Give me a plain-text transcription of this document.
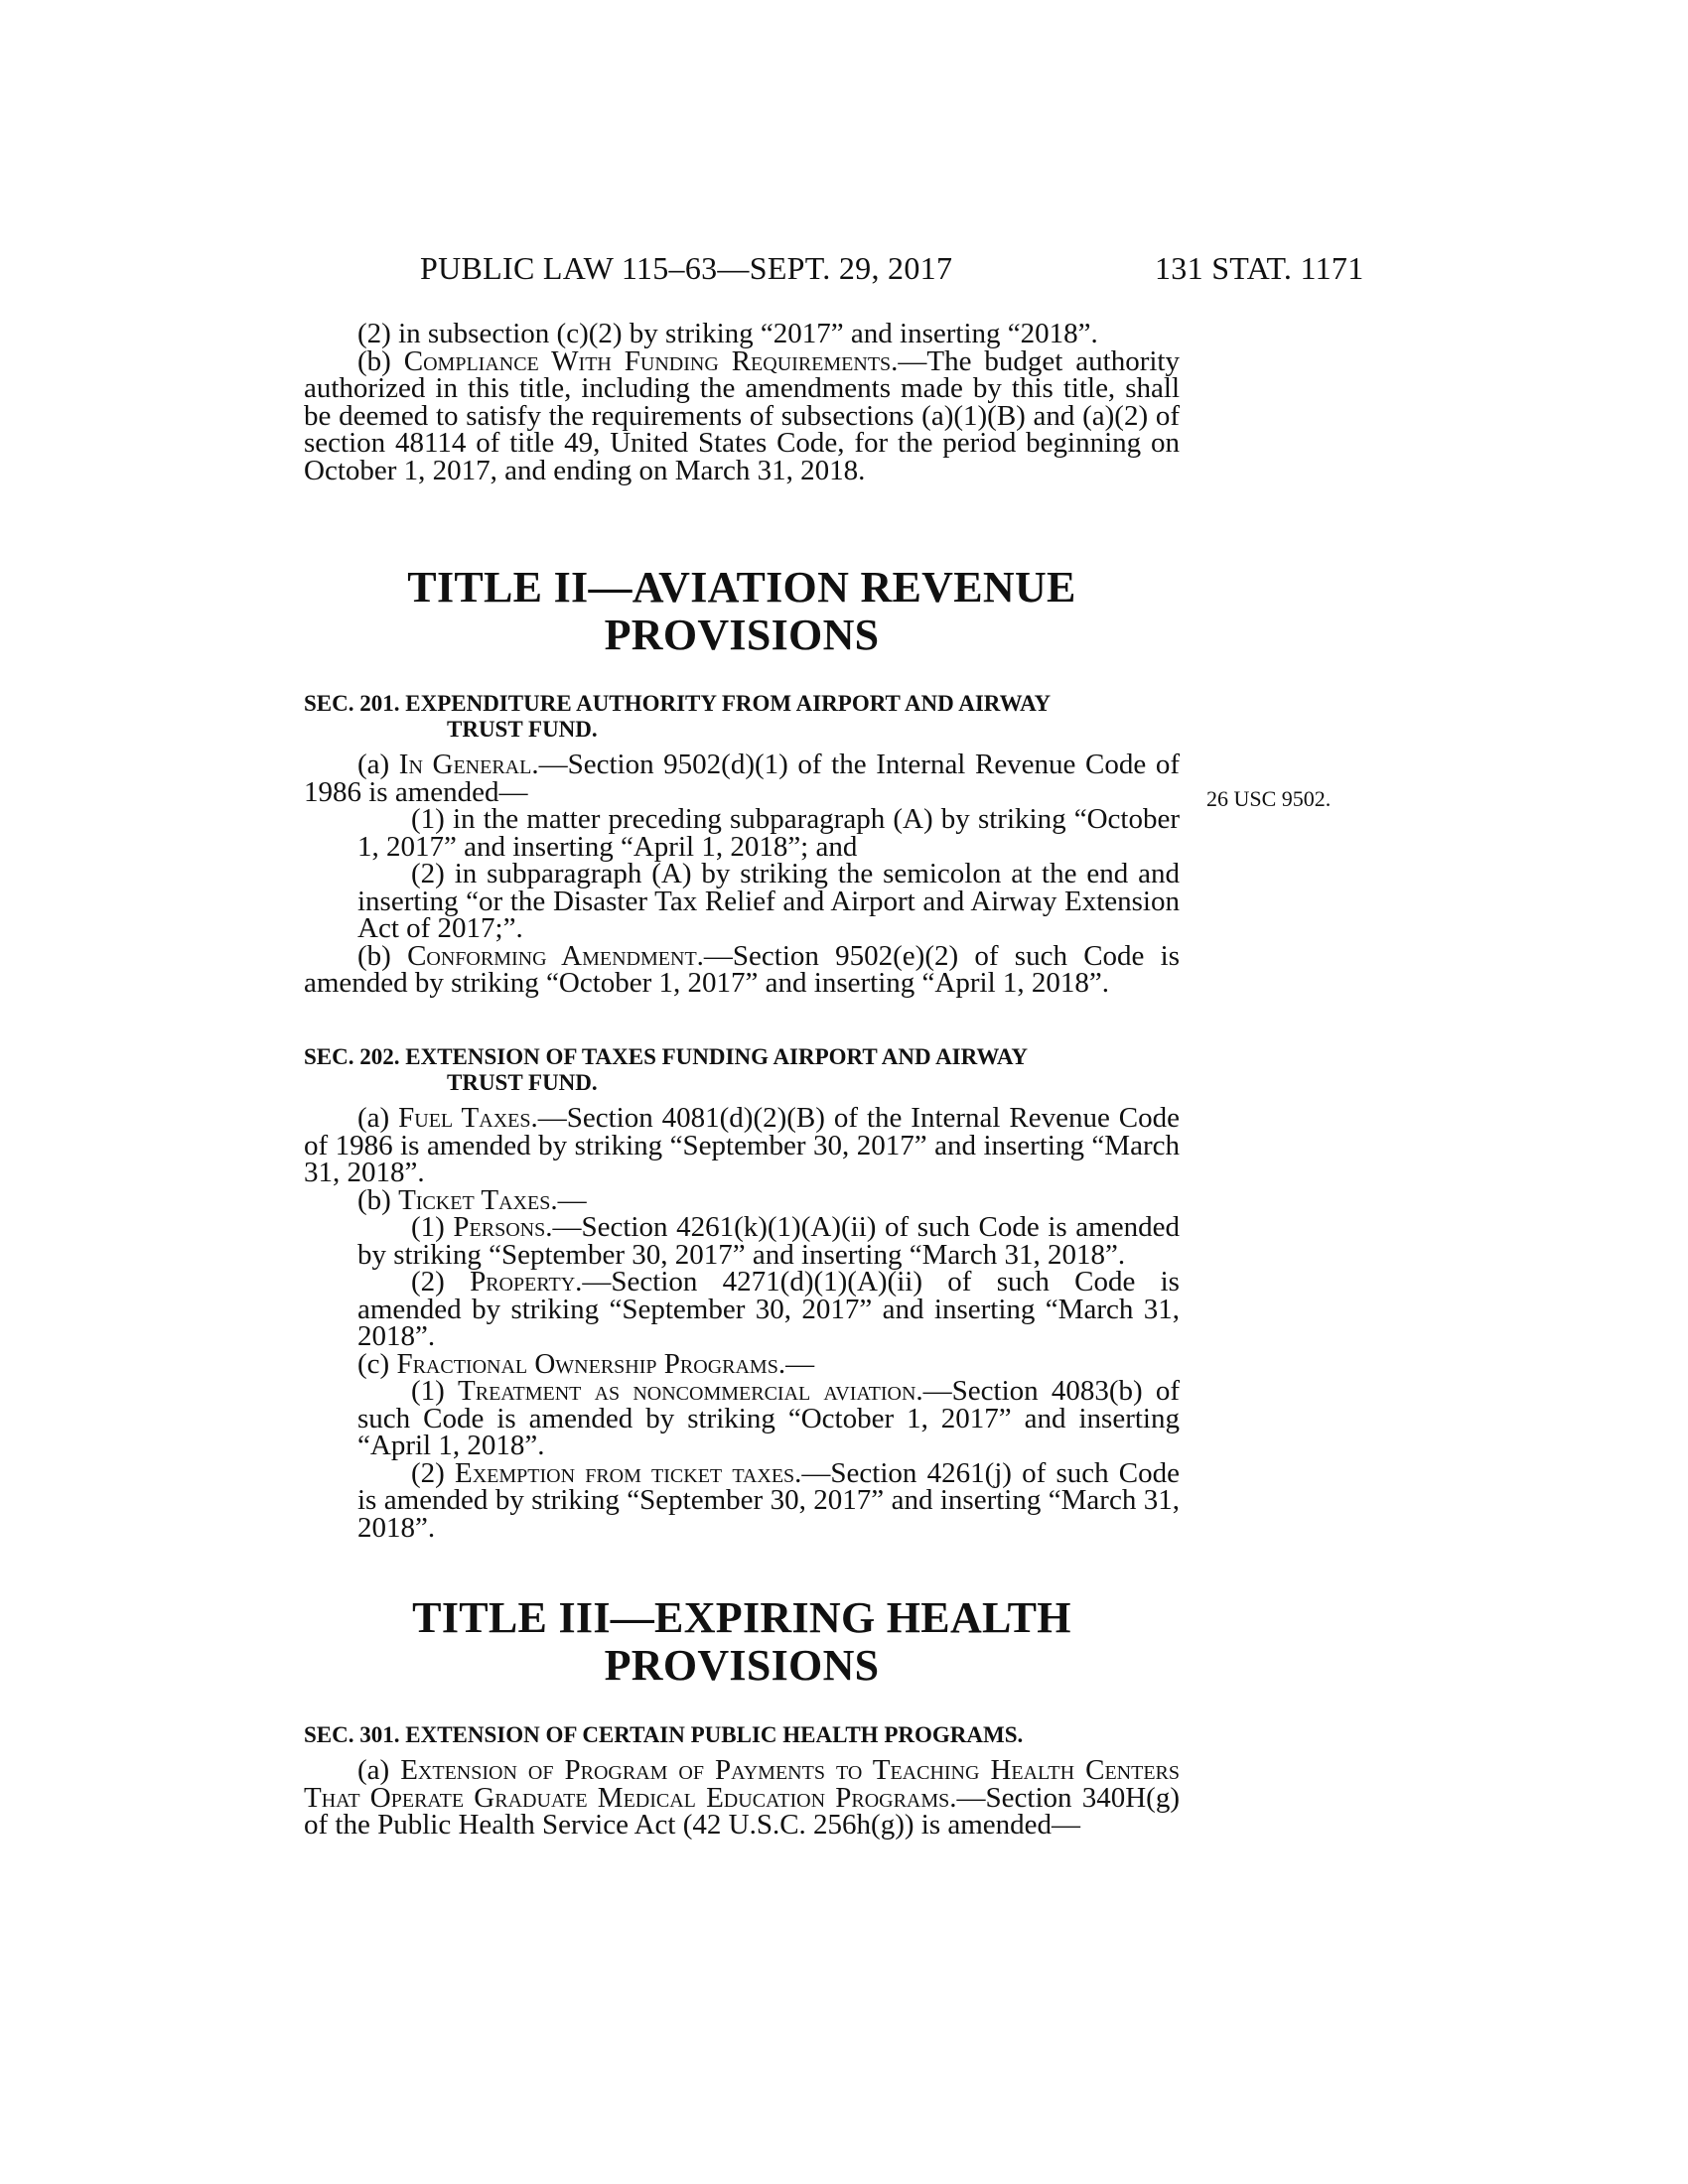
PUBLIC LAW 115–63—SEPT. 29, 2017	131 STAT. 1171

(2) in subsection (c)(2) by striking “2017” and inserting “2018”.

(b) Compliance With Funding Requirements.—The budget authority authorized in this title, including the amendments made by this title, shall be deemed to satisfy the requirements of subsections (a)(1)(B) and (a)(2) of section 48114 of title 49, United States Code, for the period beginning on October 1, 2017, and ending on March 31, 2018.

TITLE II—AVIATION REVENUE
PROVISIONS
SEC. 201. EXPENDITURE AUTHORITY FROM AIRPORT AND AIRWAY
TRUST FUND.
26 USC 9502.

(a) In General.—Section 9502(d)(1) of the Internal Revenue Code of 1986 is amended—

(1) in the matter preceding subparagraph (A) by striking “October 1, 2017” and inserting “April 1, 2018”; and

(2) in subparagraph (A) by striking the semicolon at the end and inserting “or the Disaster Tax Relief and Airport and Airway Extension Act of 2017;”.

(b) Conforming Amendment.—Section 9502(e)(2) of such Code is amended by striking “October 1, 2017” and inserting “April 1, 2018”.

SEC. 202. EXTENSION OF TAXES FUNDING AIRPORT AND AIRWAY
TRUST FUND.

(a) Fuel Taxes.—Section 4081(d)(2)(B) of the Internal Revenue Code of 1986 is amended by striking “September 30, 2017” and inserting “March 31, 2018”.

(b) Ticket Taxes.—

(1) Persons.—Section 4261(k)(1)(A)(ii) of such Code is amended by striking “September 30, 2017” and inserting “March 31, 2018”.

(2) Property.—Section 4271(d)(1)(A)(ii) of such Code is amended by striking “September 30, 2017” and inserting “March 31, 2018”.

(c) Fractional Ownership Programs.—

(1) Treatment as noncommercial aviation.—Section 4083(b) of such Code is amended by striking “October 1, 2017” and inserting “April 1, 2018”.

(2) Exemption from ticket taxes.—Section 4261(j) of such Code is amended by striking “September 30, 2017” and inserting “March 31, 2018”.

TITLE III—EXPIRING HEALTH
PROVISIONS
SEC. 301. EXTENSION OF CERTAIN PUBLIC HEALTH PROGRAMS.

(a) Extension of Program of Payments to Teaching Health Centers That Operate Graduate Medical Education Programs.—Section 340H(g) of the Public Health Service Act (42 U.S.C. 256h(g)) is amended—
